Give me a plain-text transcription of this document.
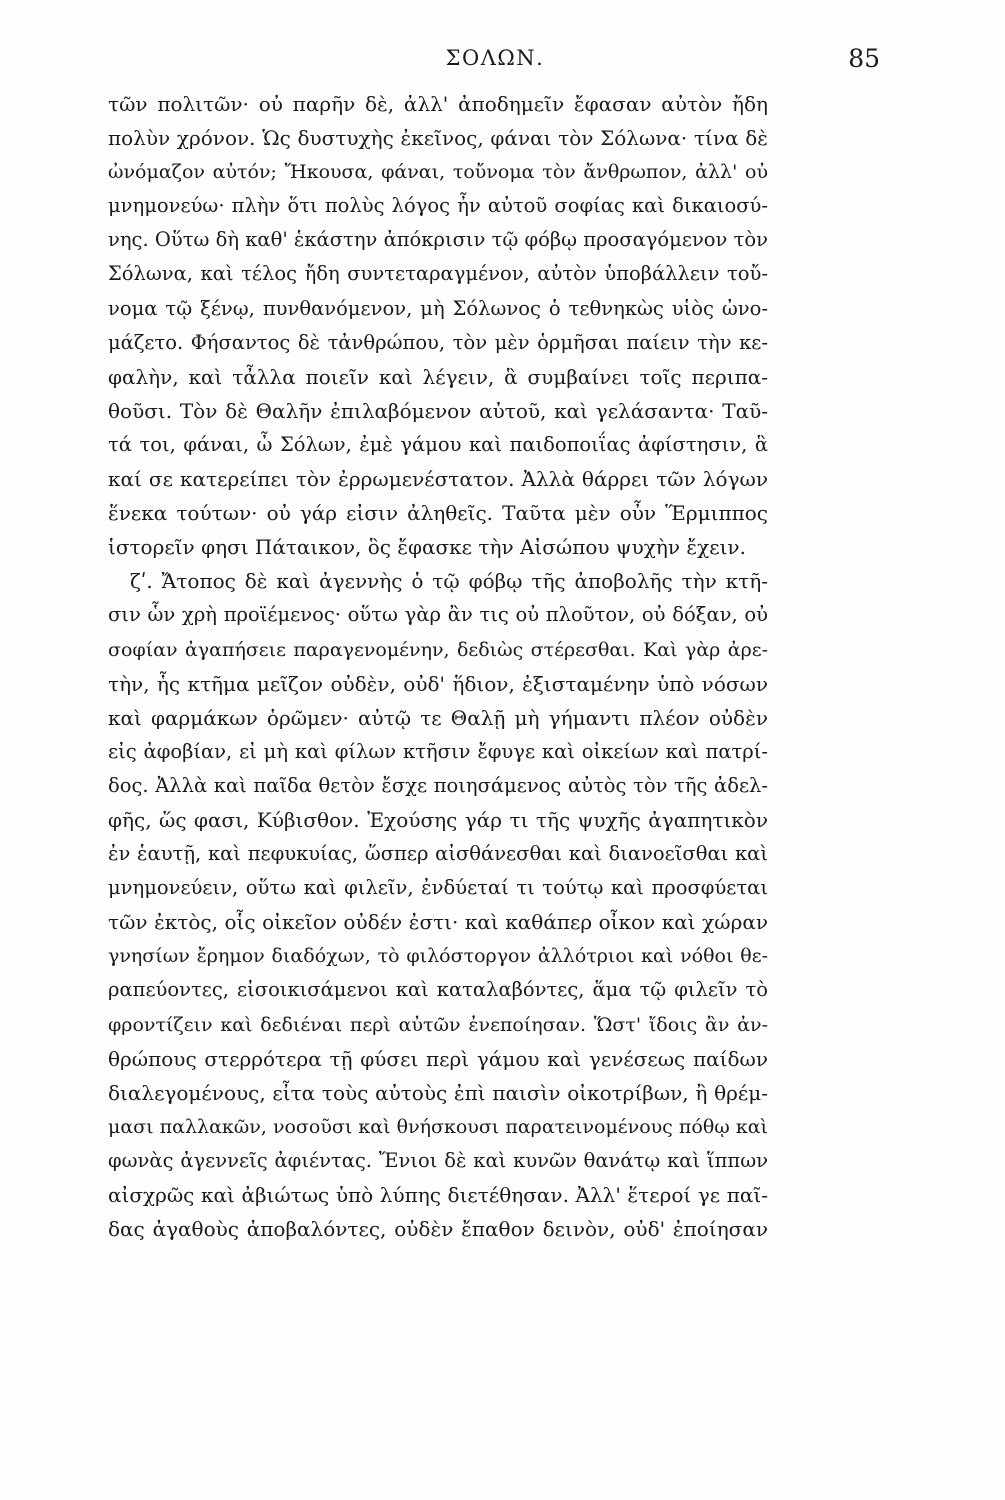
ΣΟΛΩΝ.	85
τῶν πολιτῶν· οὐ παρῆν δὲ, ἀλλ' ἀποδημεῖν ἔφασαν αὐτὸν ἤδη
πολὺν χρόνον. Ὡς δυστυχὴς ἐκεῖνος, φάναι τὸν Σόλωνα· τίνα δὲ
ὠνόμαζον αὐτόν; Ἤκουσα, φάναι, τοὔνομα τὸν ἄνθρωπον, ἀλλ' οὐ
μνημονεύω· πλὴν ὅτι πολὺς λόγος ἦν αὐτοῦ σοφίας καὶ δικαιοσύ-
νης. Οὕτω δὴ καθ' ἑκάστην ἀπόκρισιν τῷ φόβῳ προσαγόμενον τὸν
Σόλωνα, καὶ τέλος ἤδη συντεταραγμένον, αὐτὸν ὑποβάλλειν τοὔ-
νομα τῷ ξένῳ, πυνθανόμενον, μὴ Σόλωνος ὁ τεθνηκὼς υἱὸς ὠνο-
μάζετο. Φήσαντος δὲ τἀνθρώπου, τὸν μὲν ὁρμῆσαι παίειν τὴν κε-
φαλὴν, καὶ τἆλλα ποιεῖν καὶ λέγειν, ἃ συμβαίνει τοῖς περιπα-
θοῦσι. Τὸν δὲ Θαλῆν ἐπιλαβόμενον αὐτοῦ, καὶ γελάσαντα· Ταῦ-
τά τοι, φάναι, ὦ Σόλων, ἐμὲ γάμου καὶ παιδοποιΐας ἀφίστησιν, ἃ
καί σε κατερείπει τὸν ἐρρωμενέστατον. Ἀλλὰ θάρρει τῶν λόγων
ἕνεκα τούτων· οὐ γάρ εἰσιν ἀληθεῖς. Ταῦτα μὲν οὖν Ἕρμιππος
ἱστορεῖν φησι Πάταικον, ὃς ἔφασκε τὴν Αἰσώπου ψυχὴν ἔχειν.
ζʹ. Ἄτοπος δὲ καὶ ἀγεννὴς ὁ τῷ φόβῳ τῆς ἀποβολῆς τὴν κτῆ-
σιν ὧν χρὴ προϊέμενος· οὕτω γὰρ ἂν τις οὐ πλοῦτον, οὐ δόξαν, οὐ
σοφίαν ἀγαπήσειε παραγενομένην, δεδιὼς στέρεσθαι. Καὶ γὰρ ἀρε-
τὴν, ἧς κτῆμα μεῖζον οὐδὲν, οὐδ' ἥδιον, ἐξισταμένην ὑπὸ νόσων
καὶ φαρμάκων ὁρῶμεν· αὐτῷ τε Θαλῇ μὴ γήμαντι πλέον οὐδὲν
εἰς ἀφοβίαν, εἰ μὴ καὶ φίλων κτῆσιν ἔφυγε καὶ οἰκείων καὶ πατρί-
δος. Ἀλλὰ καὶ παῖδα θετὸν ἔσχε ποιησάμενος αὐτὸς τὸν τῆς ἀδελ-
φῆς, ὥς φασι, Κύβισθον. Ἐχούσης γάρ τι τῆς ψυχῆς ἀγαπητικὸν
ἐν ἑαυτῇ, καὶ πεφυκυίας, ὥσπερ αἰσθάνεσθαι καὶ διανοεῖσθαι καὶ
μνημονεύειν, οὕτω καὶ φιλεῖν, ἐνδύεταί τι τούτῳ καὶ προσφύεται
τῶν ἐκτὸς, οἷς οἰκεῖον οὐδέν ἐστι· καὶ καθάπερ οἶκον καὶ χώραν
γνησίων ἔρημον διαδόχων, τὸ φιλόστοργον ἀλλότριοι καὶ νόθοι θε-
ραπεύοντες, εἰσοικισάμενοι καὶ καταλαβόντες, ἅμα τῷ φιλεῖν τὸ
φροντίζειν καὶ δεδιέναι περὶ αὐτῶν ἐνεποίησαν. Ὥστ' ἴδοις ἂν ἀν-
θρώπους στερρότερα τῇ φύσει περὶ γάμου καὶ γενέσεως παίδων
διαλεγομένους, εἶτα τοὺς αὐτοὺς ἐπὶ παισὶν οἰκοτρίβων, ἢ θρέμ-
μασι παλλακῶν, νοσοῦσι καὶ θνήσκουσι παρατεινομένους πόθῳ καὶ
φωνὰς ἀγεννεῖς ἀφιέντας. Ἔνιοι δὲ καὶ κυνῶν θανάτῳ καὶ ἵππων
αἰσχρῶς καὶ ἀβιώτως ὑπὸ λύπης διετέθησαν. Ἀλλ' ἕτεροί γε παῖ-
δας ἀγαθοὺς ἀποβαλόντες, οὐδὲν ἔπαθον δεινὸν, οὐδ' ἐποίησαν
